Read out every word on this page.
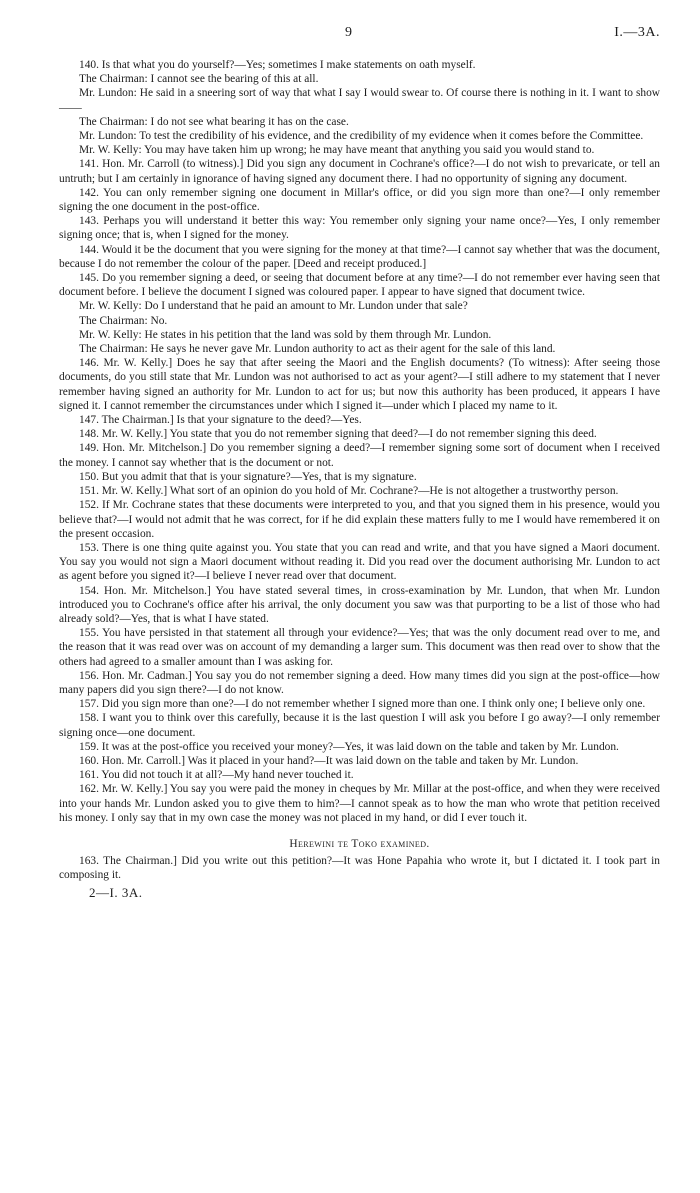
9	I.—3A.

140. Is that what you do yourself?—Yes; sometimes I make statements on oath myself.

The Chairman: I cannot see the bearing of this at all.

Mr. Lundon: He said in a sneering sort of way that what I say I would swear to. Of course there is nothing in it. I want to show——

The Chairman: I do not see what bearing it has on the case.

Mr. Lundon: To test the credibility of his evidence, and the credibility of my evidence when it comes before the Committee.

Mr. W. Kelly: You may have taken him up wrong; he may have meant that anything you said you would stand to.

141. Hon. Mr. Carroll (to witness).] Did you sign any document in Cochrane's office?—I do not wish to prevaricate, or tell an untruth; but I am certainly in ignorance of having signed any document there. I had no opportunity of signing any document.

142. You can only remember signing one document in Millar's office, or did you sign more than one?—I only remember signing the one document in the post-office.

143. Perhaps you will understand it better this way: You remember only signing your name once?—Yes, I only remember signing once; that is, when I signed for the money.

144. Would it be the document that you were signing for the money at that time?—I cannot say whether that was the document, because I do not remember the colour of the paper. [Deed and receipt produced.]

145. Do you remember signing a deed, or seeing that document before at any time?—I do not remember ever having seen that document before. I believe the document I signed was coloured paper. I appear to have signed that document twice.

Mr. W. Kelly: Do I understand that he paid an amount to Mr. Lundon under that sale?

The Chairman: No.

Mr. W. Kelly: He states in his petition that the land was sold by them through Mr. Lundon.

The Chairman: He says he never gave Mr. Lundon authority to act as their agent for the sale of this land.

146. Mr. W. Kelly.] Does he say that after seeing the Maori and the English documents? (To witness): After seeing those documents, do you still state that Mr. Lundon was not authorised to act as your agent?—I still adhere to my statement that I never remember having signed an authority for Mr. Lundon to act for us; but now this authority has been produced, it appears I have signed it. I cannot remember the circumstances under which I signed it—under which I placed my name to it.

147. The Chairman.] Is that your signature to the deed?—Yes.

148. Mr. W. Kelly.] You state that you do not remember signing that deed?—I do not remember signing this deed.

149. Hon. Mr. Mitchelson.] Do you remember signing a deed?—I remember signing some sort of document when I received the money. I cannot say whether that is the document or not.

150. But you admit that that is your signature?—Yes, that is my signature.

151. Mr. W. Kelly.] What sort of an opinion do you hold of Mr. Cochrane?—He is not altogether a trustworthy person.

152. If Mr. Cochrane states that these documents were interpreted to you, and that you signed them in his presence, would you believe that?—I would not admit that he was correct, for if he did explain these matters fully to me I would have remembered it on the present occasion.

153. There is one thing quite against you. You state that you can read and write, and that you have signed a Maori document. You say you would not sign a Maori document without reading it. Did you read over the document authorising Mr. Lundon to act as agent before you signed it?—I believe I never read over that document.

154. Hon. Mr. Mitchelson.] You have stated several times, in cross-examination by Mr. Lundon, that when Mr. Lundon introduced you to Cochrane's office after his arrival, the only document you saw was that purporting to be a list of those who had already sold?—Yes, that is what I have stated.

155. You have persisted in that statement all through your evidence?—Yes; that was the only document read over to me, and the reason that it was read over was on account of my demanding a larger sum. This document was then read over to show that the others had agreed to a smaller amount than I was asking for.

156. Hon. Mr. Cadman.] You say you do not remember signing a deed. How many times did you sign at the post-office—how many papers did you sign there?—I do not know.

157. Did you sign more than one?—I do not remember whether I signed more than one. I think only one; I believe only one.

158. I want you to think over this carefully, because it is the last question I will ask you before I go away?—I only remember signing once—one document.

159. It was at the post-office you received your money?—Yes, it was laid down on the table and taken by Mr. Lundon.

160. Hon. Mr. Carroll.] Was it placed in your hand?—It was laid down on the table and taken by Mr. Lundon.

161. You did not touch it at all?—My hand never touched it.

162. Mr. W. Kelly.] You say you were paid the money in cheques by Mr. Millar at the post-office, and when they were received into your hands Mr. Lundon asked you to give them to him?—I cannot speak as to how the man who wrote that petition received his money. I only say that in my own case the money was not placed in my hand, or did I ever touch it.

Herewini te Toko examined.

163. The Chairman.] Did you write out this petition?—It was Hone Papahia who wrote it, but I dictated it. I took part in composing it.

2—I. 3A.
